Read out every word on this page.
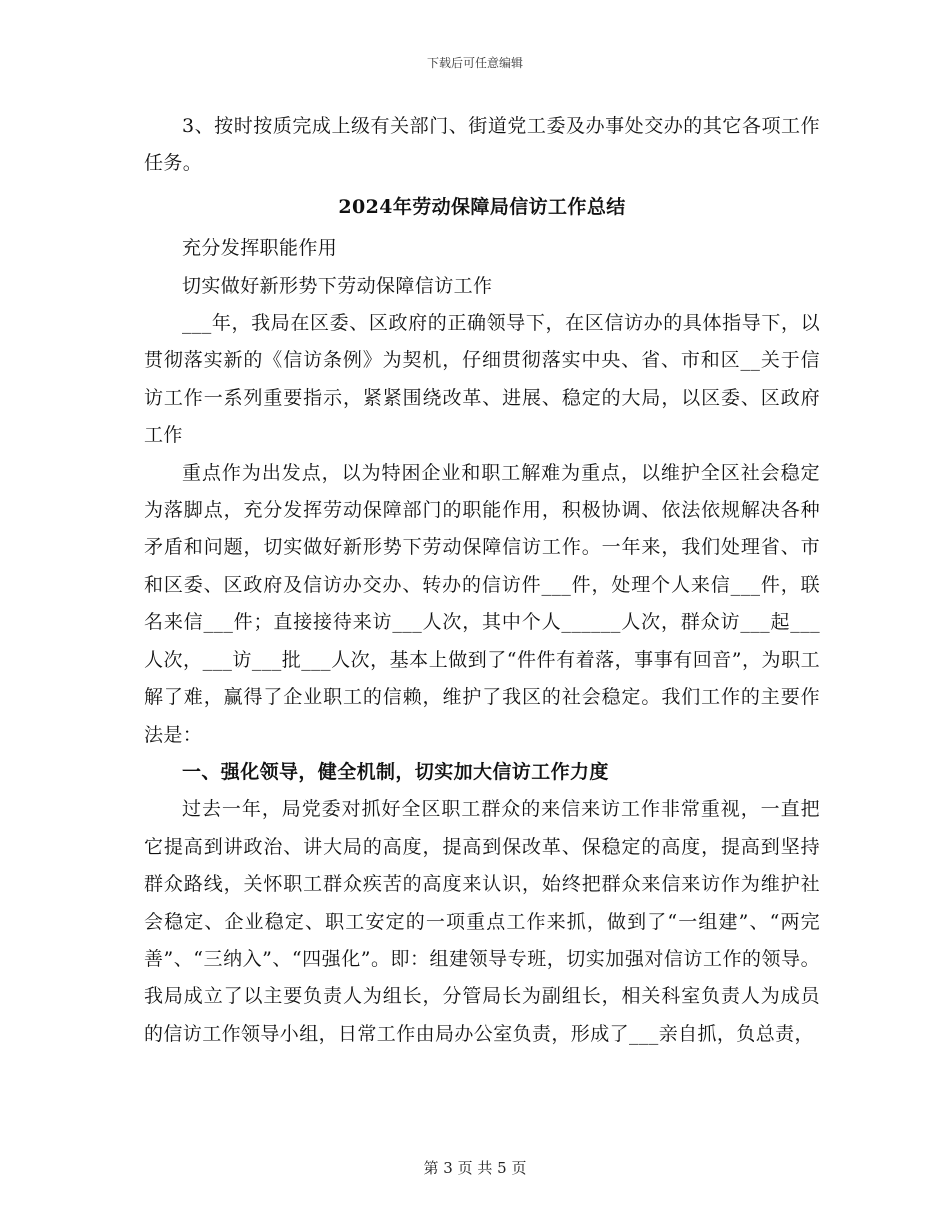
下载后可任意编辑

3、按时按质完成上级有关部门、街道党工委及办事处交办的其它各项工作任务。

2024年劳动保障局信访工作总结

充分发挥职能作用

切实做好新形势下劳动保障信访工作

___年，我局在区委、区政府的正确领导下，在区信访办的具体指导下，以贯彻落实新的《信访条例》为契机，仔细贯彻落实中央、省、市和区__关于信访工作一系列重要指示，紧紧围绕改革、进展、稳定的大局，以区委、区政府工作

重点作为出发点，以为特困企业和职工解难为重点，以维护全区社会稳定为落脚点，充分发挥劳动保障部门的职能作用，积极协调、依法依规解决各种矛盾和问题，切实做好新形势下劳动保障信访工作。一年来，我们处理省、市和区委、区政府及信访办交办、转办的信访件___件，处理个人来信___件，联名来信___件；直接接待来访___人次，其中个人______人次，群众访___起___人次，___访___批___人次，基本上做到了“件件有着落，事事有回音”，为职工解了难，赢得了企业职工的信赖，维护了我区的社会稳定。我们工作的主要作法是：

一、强化领导，健全机制，切实加大信访工作力度

过去一年，局党委对抓好全区职工群众的来信来访工作非常重视，一直把它提高到讲政治、讲大局的高度，提高到保改革、保稳定的高度，提高到坚持群众路线，关怀职工群众疾苦的高度来认识，始终把群众来信来访作为维护社会稳定、企业稳定、职工安定的一项重点工作来抓，做到了“一组建”、“两完善”、“三纳入”、“四强化”。即：组建领导专班，切实加强对信访工作的领导。我局成立了以主要负责人为组长，分管局长为副组长，相关科室负责人为成员的信访工作领导小组，日常工作由局办公室负责，形成了___亲自抓，负总责，

第 3 页 共 5 页
